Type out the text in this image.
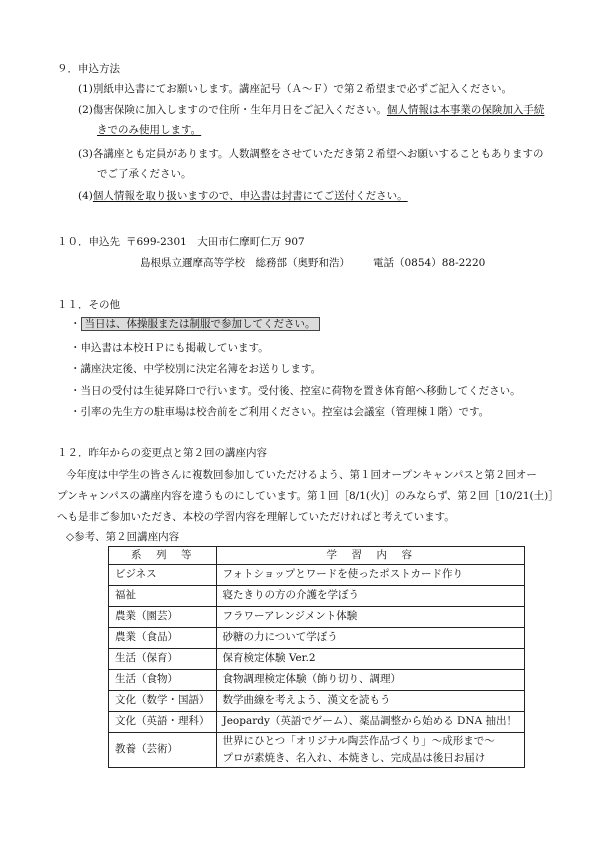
９．申込方法
(1)別紙申込書にてお願いします。講座記号（Ａ～Ｆ）で第２希望まで必ずご記入ください。
(2)傷害保険に加入しますので住所・生年月日をご記入ください。個人情報は本事業の保険加入手続
きでのみ使用します。
(3)各講座とも定員があります。人数調整をさせていただき第２希望へお願いすることもありますの
でご了承ください。
(4)個人情報を取り扱いますので、申込書は封書にてご送付ください。
１０．申込先 〒699-2301　大田市仁摩町仁万 907
島根県立邇摩高等学校　総務部（奥野和浩） 電話（0854）88-2220
１１．その他
・ 当日は、体操服または制服で参加してください。
・申込書は本校ＨＰにも掲載しています。
・講座決定後、中学校別に決定名簿をお送りします。
・当日の受付は生徒昇降口で行います。受付後、控室に荷物を置き体育館へ移動してください。
・引率の先生方の駐車場は校舎前をご利用ください。控室は会議室（管理棟１階）です。
１２．昨年からの変更点と第２回の講座内容
今年度は中学生の皆さんに複数回参加していただけるよう、第１回オープンキャンパスと第２回オー
プンキャンパスの講座内容を違うものにしています。第１回［8/1(火)］のみならず、第２回［10/21(土)］
へも是非ご参加いただき、本校の学習内容を理解していただければと考えています。
◇参考、第２回講座内容
系　列　等	学　習　内　容
ビジネス	フォトショップとワードを使ったポストカード作り
福祉	寝たきりの方の介護を学ぼう
農業（園芸）	フラワーアレンジメント体験
農業（食品）	砂糖の力について学ぼう
生活（保育）	保育検定体験 Ver.2
生活（食物）	食物調理検定体験（飾り切り、調理）
文化（数学・国語）	数学曲線を考えよう、漢文を読もう
文化（英語・理科）	Jeopardy（英語でゲーム）、薬品調整から始める DNA 抽出！
教養（芸術）	世界にひとつ「オリジナル陶芸作品づくり」～成形まで～
プロが素焼き、名入れ、本焼きし、完成品は後日お届け
